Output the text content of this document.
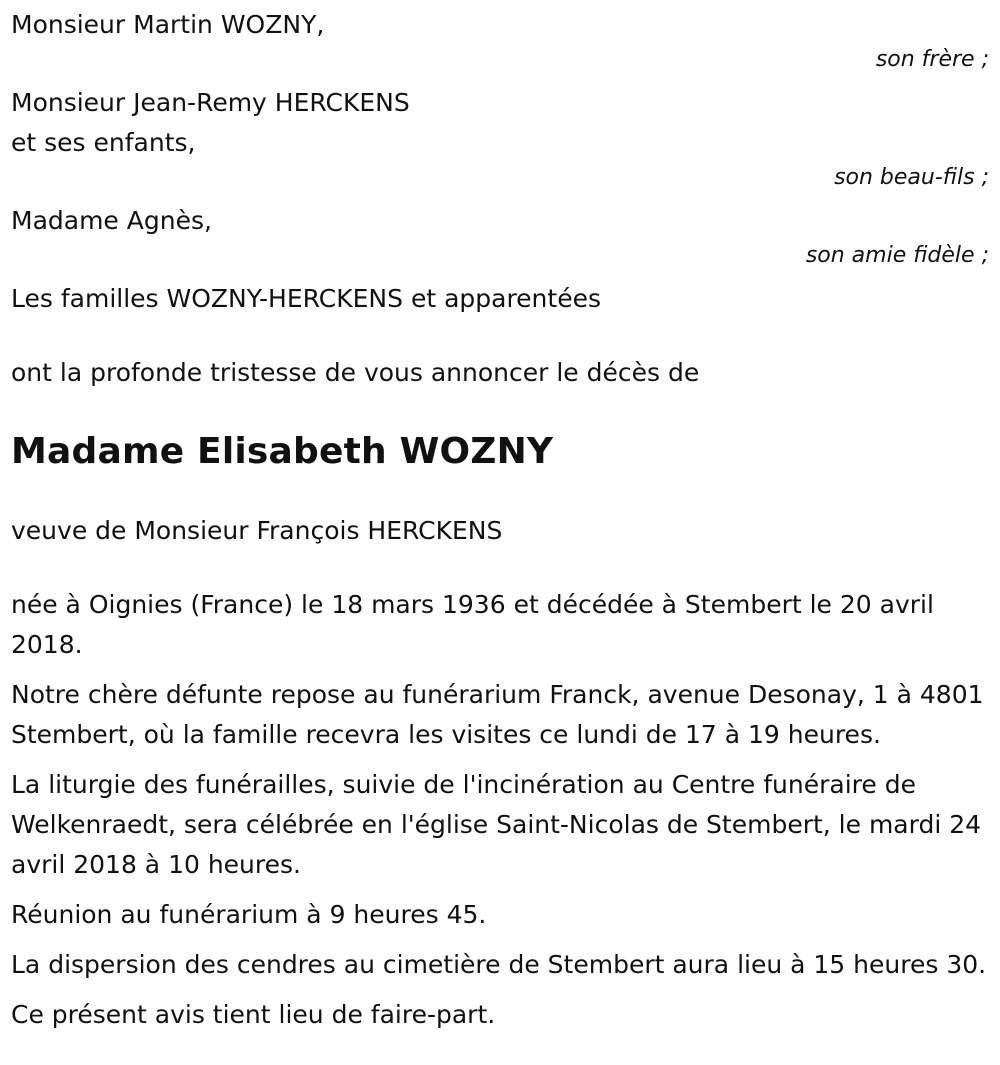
Monsieur Martin WOZNY,
son frère ;
Monsieur Jean-Remy HERCKENS
et ses enfants,
son beau-fils ;
Madame Agnès,
son amie fidèle ;
Les familles WOZNY-HERCKENS et apparentées
ont la profonde tristesse de vous annoncer le décès de
Madame Elisabeth WOZNY
veuve de Monsieur François HERCKENS

née à Oignies (France) le 18 mars 1936 et décédée à Stembert le 20 avril 2018.

Notre chère défunte repose au funérarium Franck, avenue Desonay, 1 à 4801 Stembert, où la famille recevra les visites ce lundi de 17 à 19 heures.

La liturgie des funérailles, suivie de l'incinération au Centre funéraire de Welkenraedt, sera célébrée en l'église Saint-Nicolas de Stembert, le mardi 24 avril 2018 à 10 heures.

Réunion au funérarium à 9 heures 45.

La dispersion des cendres au cimetière de Stembert aura lieu à 15 heures 30.

Ce présent avis tient lieu de faire-part.
